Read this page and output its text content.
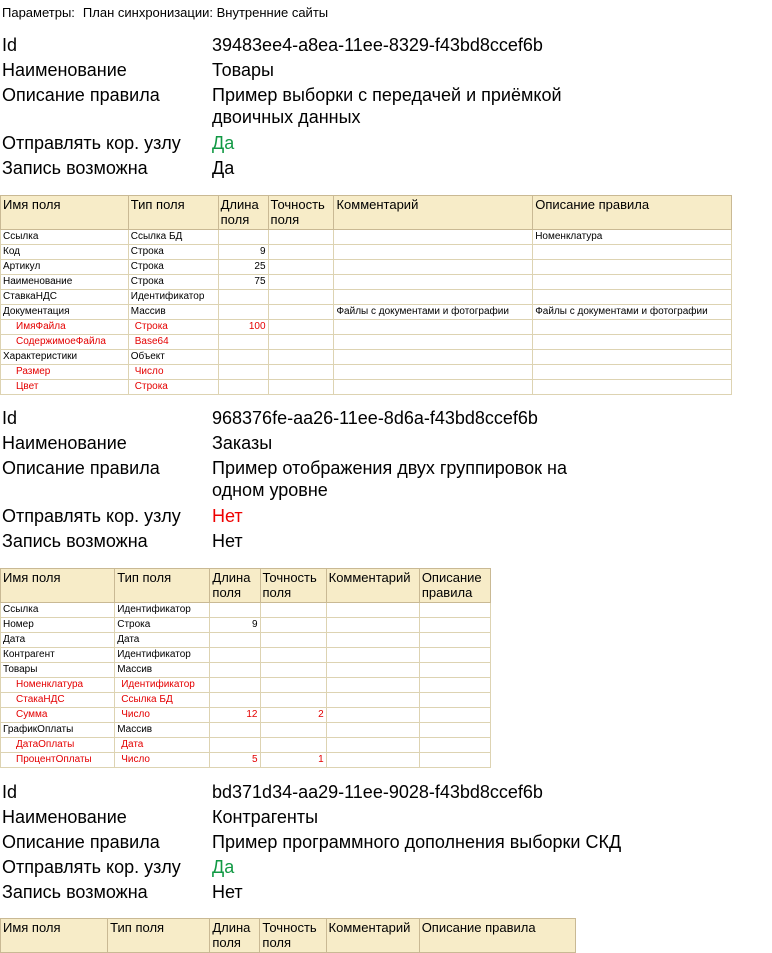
Параметры: План синхронизации: Внутренние сайты
Id	39483ee4-a8ea-11ee-8329-f43bd8ccef6b
Наименование	Товары
Описание правила	Пример выборки с передачей и приёмкой двоичных данных
Отправлять кор. узлу	Да
Запись возможна	Да
Имя поля	Тип поля	Длина поля	Точность поля	Комментарий	Описание правила
Ссылка	Ссылка БД				Номенклатура
Код	Строка	9			
Артикул	Строка	25			
Наименование	Строка	75			
СтавкаНДС	Идентификатор				
Документация	Массив			Файлы с документами и фотографии	Файлы с документами и фотографии
ИмяФайла	Строка	100			
СодержимоеФайла	Base64				
Характеристики	Объект				
Размер	Число				
Цвет	Строка				
Id	968376fe-aa26-11ee-8d6a-f43bd8ccef6b
Наименование	Заказы
Описание правила	Пример отображения двух группировок на одном уровне
Отправлять кор. узлу	Нет
Запись возможна	Нет
Имя поля	Тип поля	Длина поля	Точность поля	Комментарий	Описание правила
Ссылка	Идентификатор				
Номер	Строка	9			
Дата	Дата				
Контрагент	Идентификатор				
Товары	Массив				
Номенклатура	Идентификатор				
СтакаНДС	Ссылка БД				
Сумма	Число	12	2		
ГрафикОплаты	Массив				
ДатаОплаты	Дата				
ПроцентОплаты	Число	5	1		
Id	bd371d34-aa29-11ee-9028-f43bd8ccef6b
Наименование	Контрагенты
Описание правила	Пример программного дополнения выборки СКД
Отправлять кор. узлу	Да
Запись возможна	Нет
Имя поля	Тип поля	Длина поля	Точность поля	Комментарий	Описание правила
